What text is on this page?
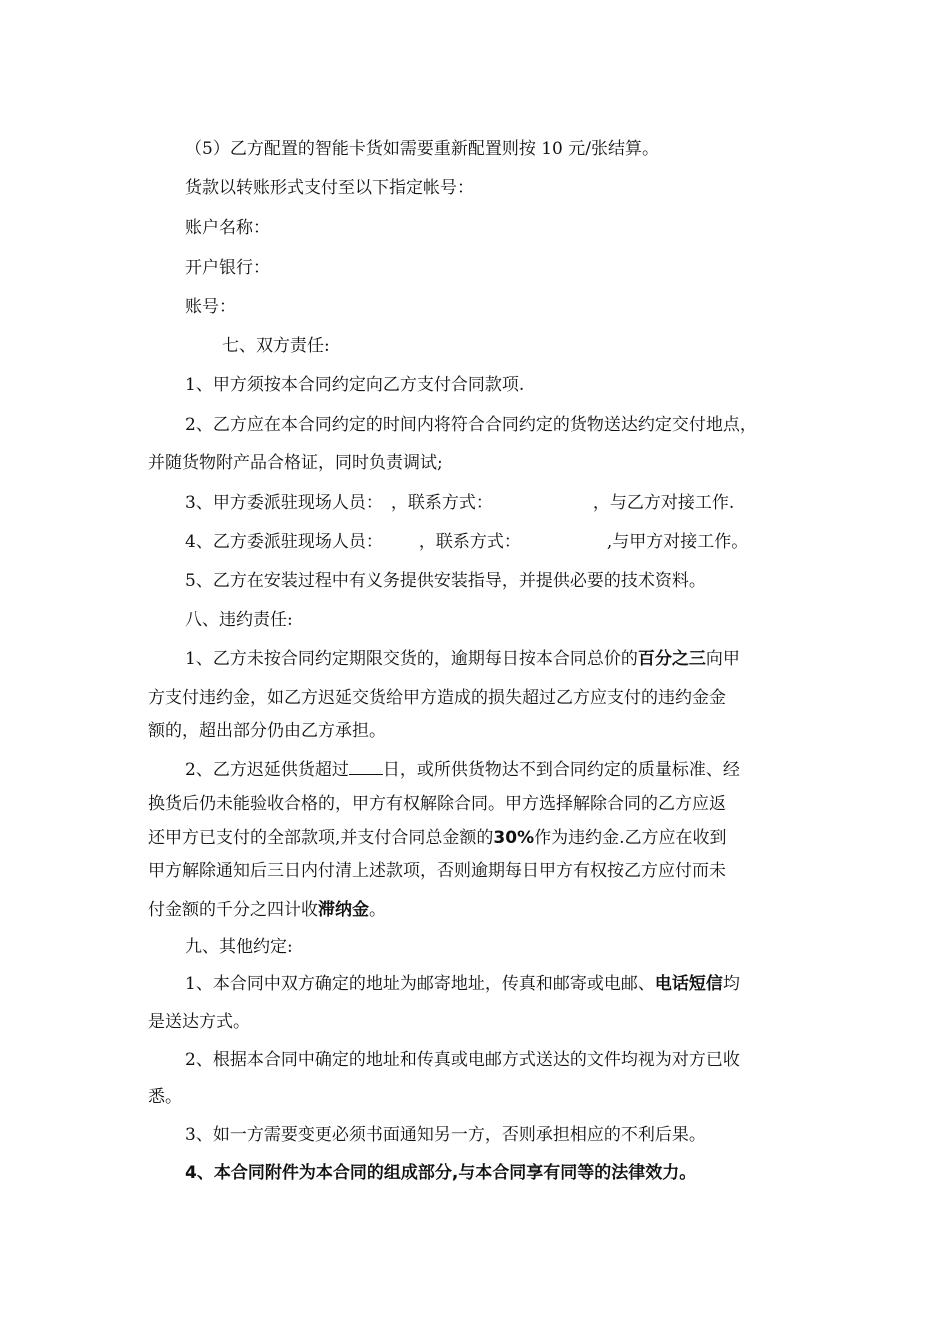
（5）乙方配置的智能卡货如需要重新配置则按 10 元/张结算。
货款以转账形式支付至以下指定帐号：
账户名称：
开户银行：
账号：
七、双方责任:
1、甲方须按本合同约定向乙方支付合同款项.
2、乙方应在本合同约定的时间内将符合合同约定的货物送达约定交付地点，
并随货物附产品合格证，同时负责调试;
3、甲方委派驻现场人员： ，联系方式：	，与乙方对接工作.
4、乙方委派驻现场人员： ，联系方式：	,与甲方对接工作。
5、乙方在安装过程中有义务提供安装指导，并提供必要的技术资料。
八、违约责任:
1、乙方未按合同约定期限交货的，逾期每日按本合同总价的百分之三向甲
方支付违约金，如乙方迟延交货给甲方造成的损失超过乙方应支付的违约金金
额的，超出部分仍由乙方承担。
2、乙方迟延供货超过 日，或所供货物达不到合同约定的质量标准、经
换货后仍未能验收合格的，甲方有权解除合同。甲方选择解除合同的乙方应返
还甲方已支付的全部款项,并支付合同总金额的30%作为违约金.乙方应在收到
甲方解除通知后三日内付清上述款项，否则逾期每日甲方有权按乙方应付而未
付金额的千分之四计收滞纳金。
九、其他约定:
1、本合同中双方确定的地址为邮寄地址，传真和邮寄或电邮、电话短信均
是送达方式。
2、根据本合同中确定的地址和传真或电邮方式送达的文件均视为对方已收
悉。
3、如一方需要变更必须书面通知另一方，否则承担相应的不利后果。
4、本合同附件为本合同的组成部分,与本合同享有同等的法律效力。
